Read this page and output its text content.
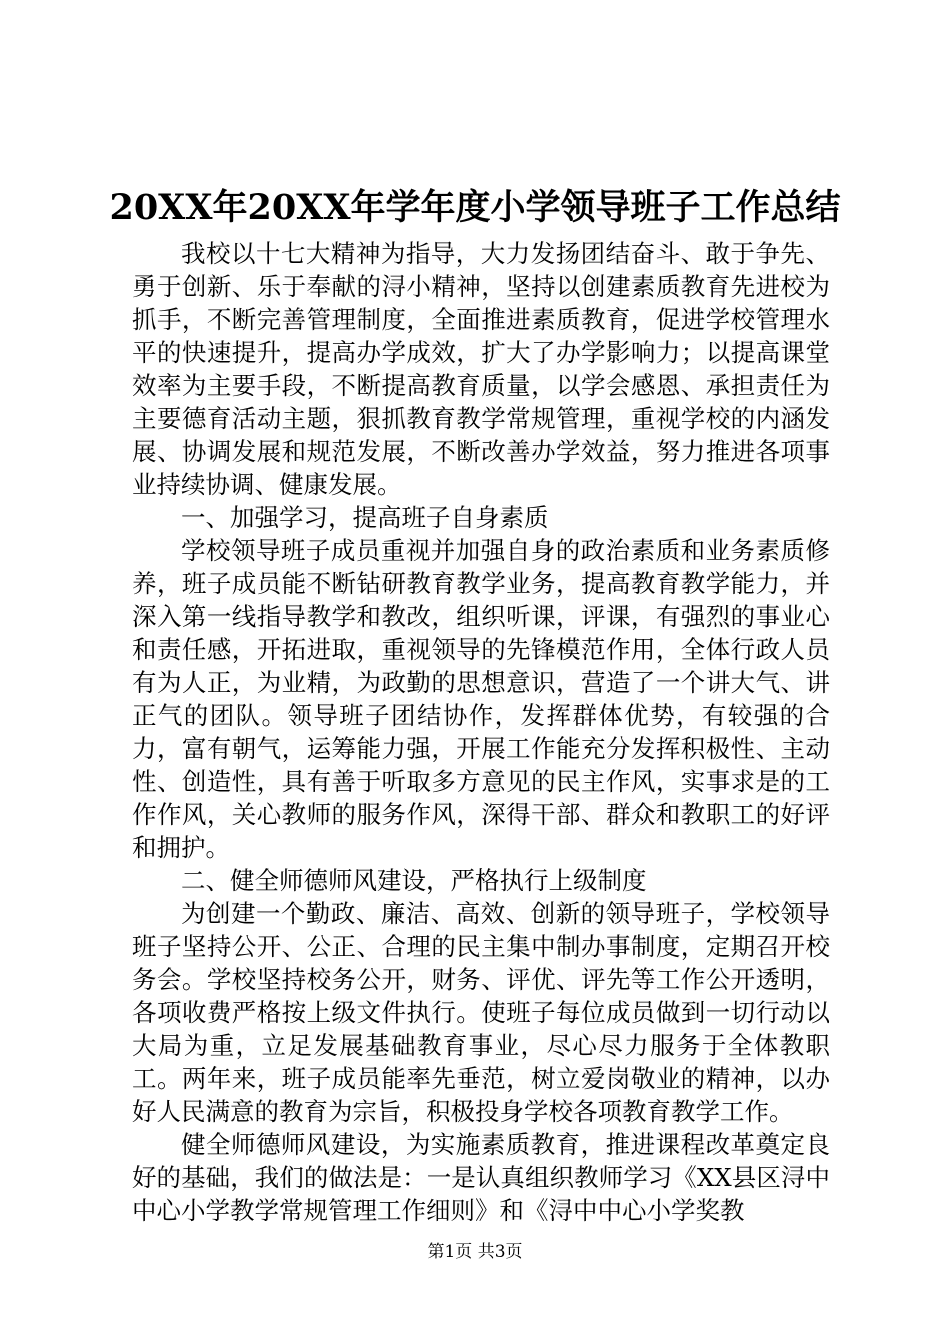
20XX年20XX年学年度小学领导班子工作总结

我校以十七大精神为指导，大力发扬团结奋斗、敢于争先、勇于创新、乐于奉献的浔小精神，坚持以创建素质教育先进校为抓手，不断完善管理制度，全面推进素质教育，促进学校管理水平的快速提升，提高办学成效，扩大了办学影响力；以提高课堂效率为主要手段，不断提高教育质量，以学会感恩、承担责任为主要德育活动主题，狠抓教育教学常规管理，重视学校的内涵发展、协调发展和规范发展，不断改善办学效益，努力推进各项事业持续协调、健康发展。

一、加强学习，提高班子自身素质

学校领导班子成员重视并加强自身的政治素质和业务素质修养，班子成员能不断钻研教育教学业务，提高教育教学能力，并深入第一线指导教学和教改，组织听课，评课，有强烈的事业心和责任感，开拓进取，重视领导的先锋模范作用，全体行政人员有为人正，为业精，为政勤的思想意识，营造了一个讲大气、讲正气的团队。领导班子团结协作，发挥群体优势，有较强的合力，富有朝气，运筹能力强，开展工作能充分发挥积极性、主动性、创造性，具有善于听取多方意见的民主作风，实事求是的工作作风，关心教师的服务作风，深得干部、群众和教职工的好评和拥护。

二、健全师德师风建设，严格执行上级制度

为创建一个勤政、廉洁、高效、创新的领导班子，学校领导班子坚持公开、公正、合理的民主集中制办事制度，定期召开校务会。学校坚持校务公开，财务、评优、评先等工作公开透明，各项收费严格按上级文件执行。使班子每位成员做到一切行动以大局为重，立足发展基础教育事业，尽心尽力服务于全体教职工。两年来，班子成员能率先垂范，树立爱岗敬业的精神，以办好人民满意的教育为宗旨，积极投身学校各项教育教学工作。

健全师德师风建设，为实施素质教育，推进课程改革奠定良好的基础，我们的做法是：一是认真组织教师学习《XX县区浔中中心小学教学常规管理工作细则》和《浔中中心小学奖教

第1页 共3页
